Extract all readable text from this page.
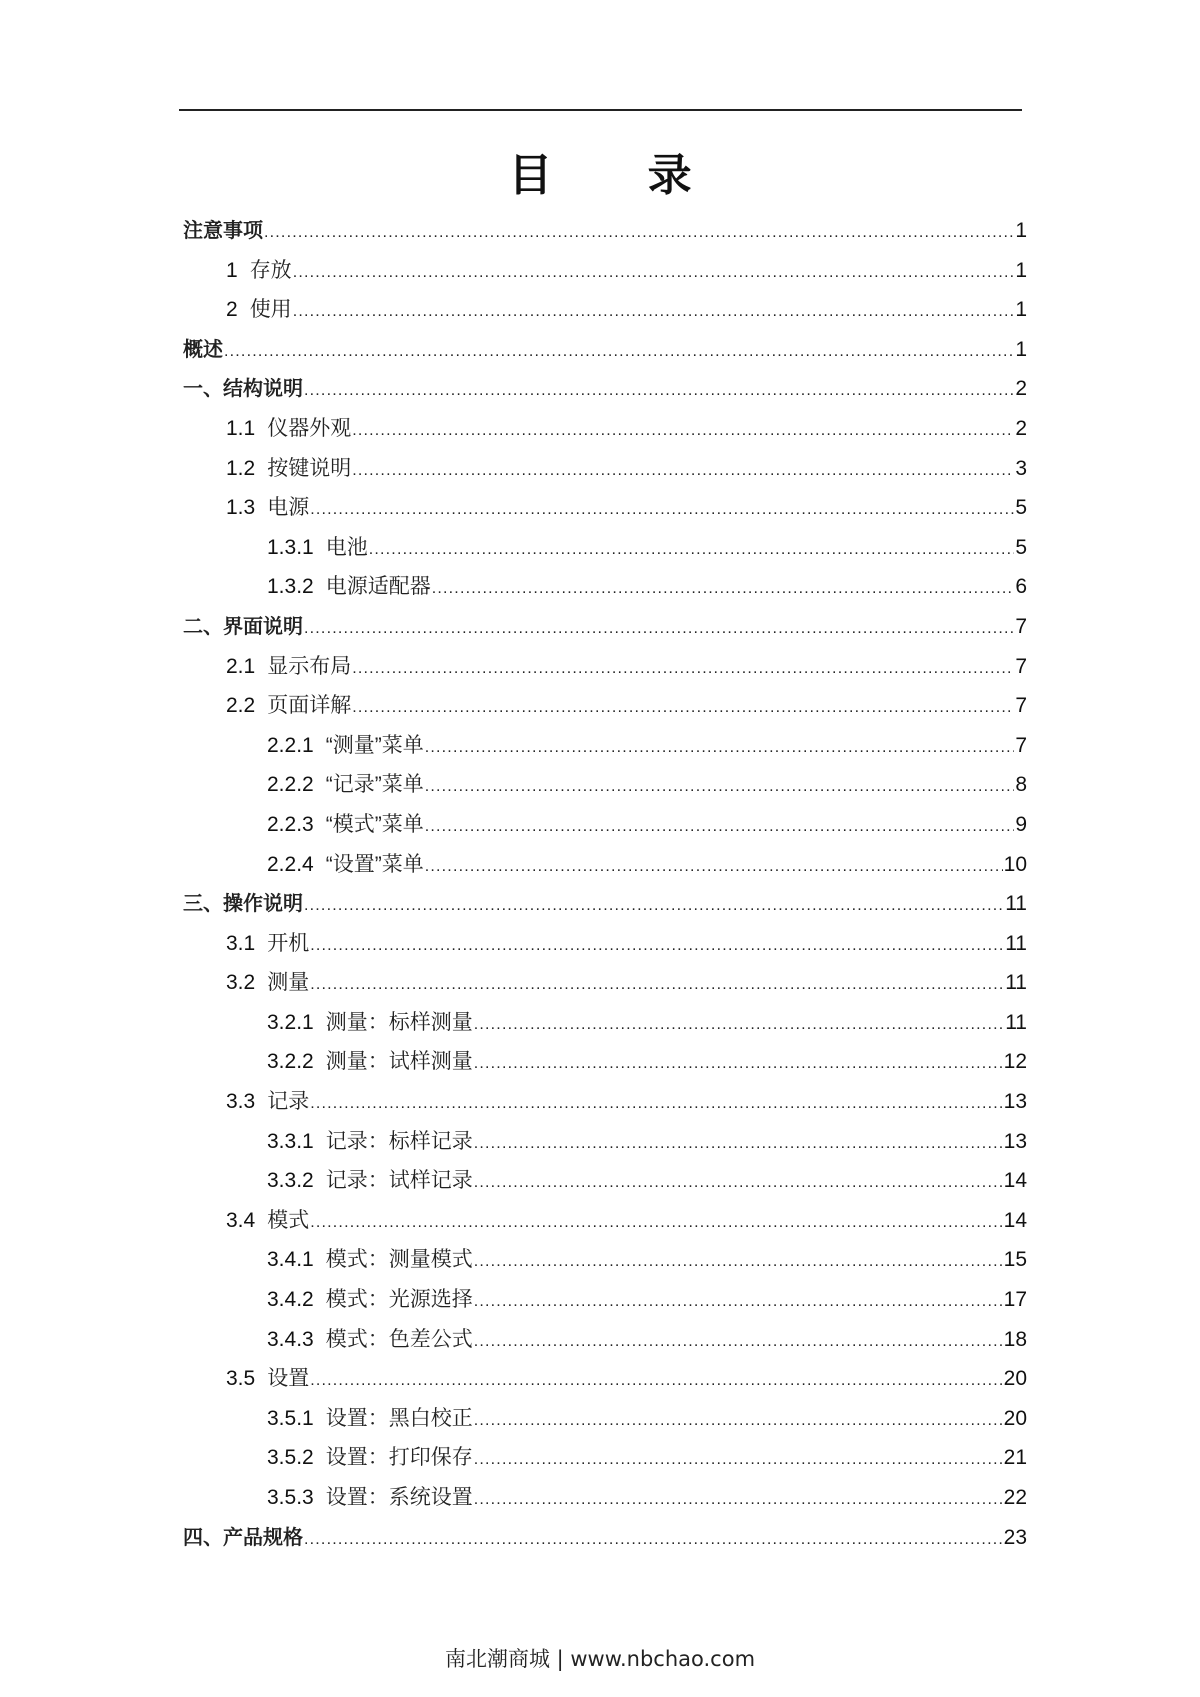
目 录
注意事项 .....	1
1 存放 .....	1
2 使用 .....	1
概述 .....	1
一、结构说明 .....	2
1.1 仪器外观 .....	2
1.2 按键说明 .....	3
1.3 电源 .....	5
1.3.1 电池 .....	5
1.3.2 电源适配器 .....	6
二、界面说明 .....	7
2.1 显示布局 .....	7
2.2 页面详解 .....	7
2.2.1 “测量”菜单 .....	7
2.2.2 “记录”菜单 .....	8
2.2.3 “模式”菜单 .....	9
2.2.4 “设置”菜单 .....	10
三、操作说明 .....	11
3.1 开机 .....	11
3.2 测量 .....	11
3.2.1 测量：标样测量 .....	11
3.2.2 测量：试样测量 .....	12
3.3 记录 .....	13
3.3.1 记录：标样记录 .....	13
3.3.2 记录：试样记录 .....	14
3.4 模式 .....	14
3.4.1 模式：测量模式 .....	15
3.4.2 模式：光源选择 .....	17
3.4.3 模式：色差公式 .....	18
3.5 设置 .....	20
3.5.1 设置：黑白校正 .....	20
3.5.2 设置：打印保存 .....	21
3.5.3 设置：系统设置 .....	22
四、产品规格 .....	23
南北潮商城 | www.nbchao.com
